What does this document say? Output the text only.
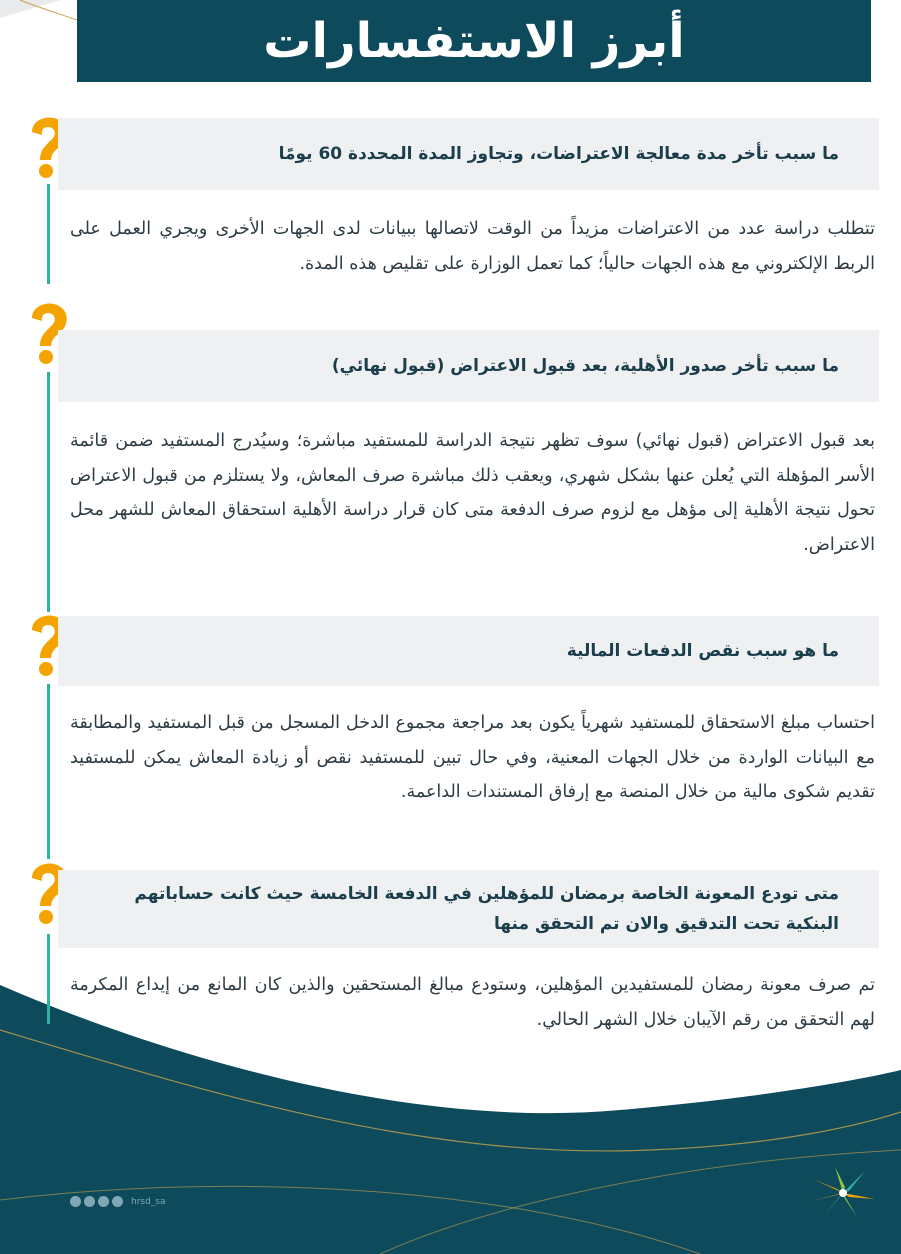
أبرز الاستفسارات
ما سبب تأخر مدة معالجة الاعتراضات، وتجاوز المدة المحددة 60 يومًا
تتطلب دراسة عدد من الاعتراضات مزيداً من الوقت لاتصالها ببيانات لدى الجهات الأخرى ويجري العمل على الربط الإلكتروني مع هذه الجهات حالياً؛ كما تعمل الوزارة على تقليص هذه المدة.
ما سبب تأخر صدور الأهلية، بعد قبول الاعتراض (قبول نهائي)
بعد قبول الاعتراض (قبول نهائي) سوف تظهر نتيجة الدراسة للمستفيد مباشرة؛ وسيُدرج المستفيد ضمن قائمة الأسر المؤهلة التي يُعلن عنها بشكل شهري، ويعقب ذلك مباشرة صرف المعاش، ولا يستلزم من قبول الاعتراض تحول نتيجة الأهلية إلى مؤهل مع لزوم صرف الدفعة متى كان قرار دراسة الأهلية استحقاق المعاش للشهر محل الاعتراض.
ما هو سبب نقص الدفعات المالية
احتساب مبلغ الاستحقاق للمستفيد شهرياً يكون بعد مراجعة مجموع الدخل المسجل من قبل المستفيد والمطابقة مع البيانات الواردة من خلال الجهات المعنية، وفي حال تبين للمستفيد نقص أو زيادة المعاش يمكن للمستفيد تقديم شكوى مالية من خلال المنصة مع إرفاق المستندات الداعمة.
متى تودع المعونة الخاصة برمضان للمؤهلين في الدفعة الخامسة حيث كانت حساباتهم البنكية تحت التدقيق والان تم التحقق منها
تم صرف معونة رمضان للمستفيدين المؤهلين، وستودع مبالغ المستحقين والذين كان المانع من إيداع المكرمة لهم التحقق من رقم الآيبان خلال الشهر الحالي.
hrsd_sa
